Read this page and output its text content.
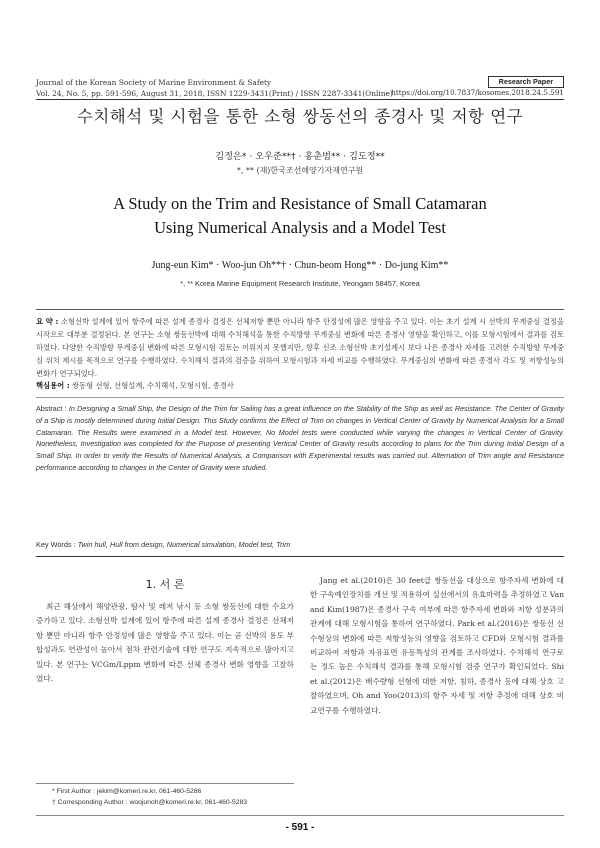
Journal of the Korean Society of Marine Environment & Safety
Vol. 24, No. 5, pp. 591-596, August 31, 2018, ISSN 1229-3431(Print) / ISSN 2287-3341(Online)
Research Paper
https://doi.org/10.7837/kosomes.2018.24.5.591
수치해석 및 시험을 통한 소형 쌍동선의 종경사 및 저항 연구
김정은* · 오우준**† · 홍춘범** · 김도정**
*, ** (재)한국조선해양기자재연구원
A Study on the Trim and Resistance of Small Catamaran
Using Numerical Analysis and a Model Test
Jung-eun Kim* · Woo-jun Oh**† · Chun-beom Hong** · Do-jung Kim**
*, ** Korea Marine Equipment Research Institute, Yeongam 58457, Korea
요 약 : 소형선박 설계에 있어 항주에 따른 설계 종경사 결정은 선체저항 뿐만 아니라 항주 안정성에 많은 영향을 주고 있다. 이는 초기 설계 시 선박의 무게중심 결정을 시작으로 대부분 결정된다. 본 연구는 소형 쌍동선박에 대해 수치해석을 통한 수직방향 무게중심 변화에 따른 종경사 영향을 확인하고, 이를 모형시험에서 결과를 검토하였다. 다양한 수직방향 무게중심 변화에 따른 모형시험 검토는 이뤄지지 못했지만, 향후 신조 소형선박 초기설계시 보다 나은 종경사 자세를 고려한 수직방향 무게중심 위치 제시를 목적으로 연구를 수행하였다. 수치해석 결과의 검증을 위하여 모형시험과 자세 비교를 수행하였다. 무게중심의 변화에 따른 종경사 각도 및 저항성능의 변화가 연구되었다.
핵심용어 : 쌍동형 선형, 선형설계, 수치해석, 모형시험, 종경사
Abstract : In Designing a Small Ship, the Design of the Trim for Sailing has a great influence on the Stability of the Ship as well as Resistance. The Center of Gravity of a Ship is mostly determined during Initial Design. This Study confirms the Effect of Trim on changes in Vertical Center of Gravity by Numerical Analysis for a Small Catamaran. The Results were examined in a Model test. However, No Model tests were conducted while varying the changes in Vertical Center of Gravity. Nonetheless, Investigation was completed for the Purpose of presenting Vertical Center of Gravity results according to plans for the Trim during Initial Design of a Small Ship. In order to verify the Results of Numerical Analysis, a Comparison with Experimental results was carried out. Alternation of Trim angle and Resistance performance according to changes in the Center of Gravity were studied.
Key Words : Twin hull, Hull from design, Numerical simulation, Model test, Trim
1. 서 론
최근 해상에서 해양관광, 탐사 및 레저 낚시 등 소형 쌍동선에 대한 수요가 증가하고 있다. 소형선박 설계에 있어 항주에 따른 설계 종경사 결정은 선체저항 뿐만 아니라 항주 안정성에 많은 영향을 주고 있다. 이는 곧 선박의 용도 부합성과도 연관성이 높아서 점차 관련기술에 대한 연구도 지속적으로 많아지고 있다. 본 연구는 VCGm/Lppm 변화에 따른 선체 종경사 변화 영향을 고찰하였다.
Jang et al.(2010)은 30 feet급 쌍동선을 대상으로 항주자세 변화에 대한 구속예인장치를 개선 및 적용하여 실선에서의 유효마력을 추정하였고 Van and Kim(1987)은 종경사 구속 여부에 따른 항주자세 변화와 저항 성분과의 관계에 대해 모형시험을 통하여 연구하였다. Park et al.(2016)은 쌍동선 선수형상의 변화에 따른 저항성능의 영향을 검토하고 CFD와 모형시험 결과를 비교하여 저항과 자유표면 유동특성의 관계를 조사하였다. 수치해석 연구로는 정도 높은 수치해석 결과를 통해 모형시험 검증 연구가 확인되었다. Shi et al.(2012)은 배수량형 선형에 대한 저항, 침하, 종경사 등에 대해 상호 고찰하였으며, Oh and Yoo(2013)의 항주 자세 및 저항 추정에 대해 상호 비교연구를 수행하였다.
* First Author : jekim@komeri.re.kr, 061-460-5286
† Corresponding Author : woojunoh@komeri.re.kr, 061-460-5283
- 591 -
